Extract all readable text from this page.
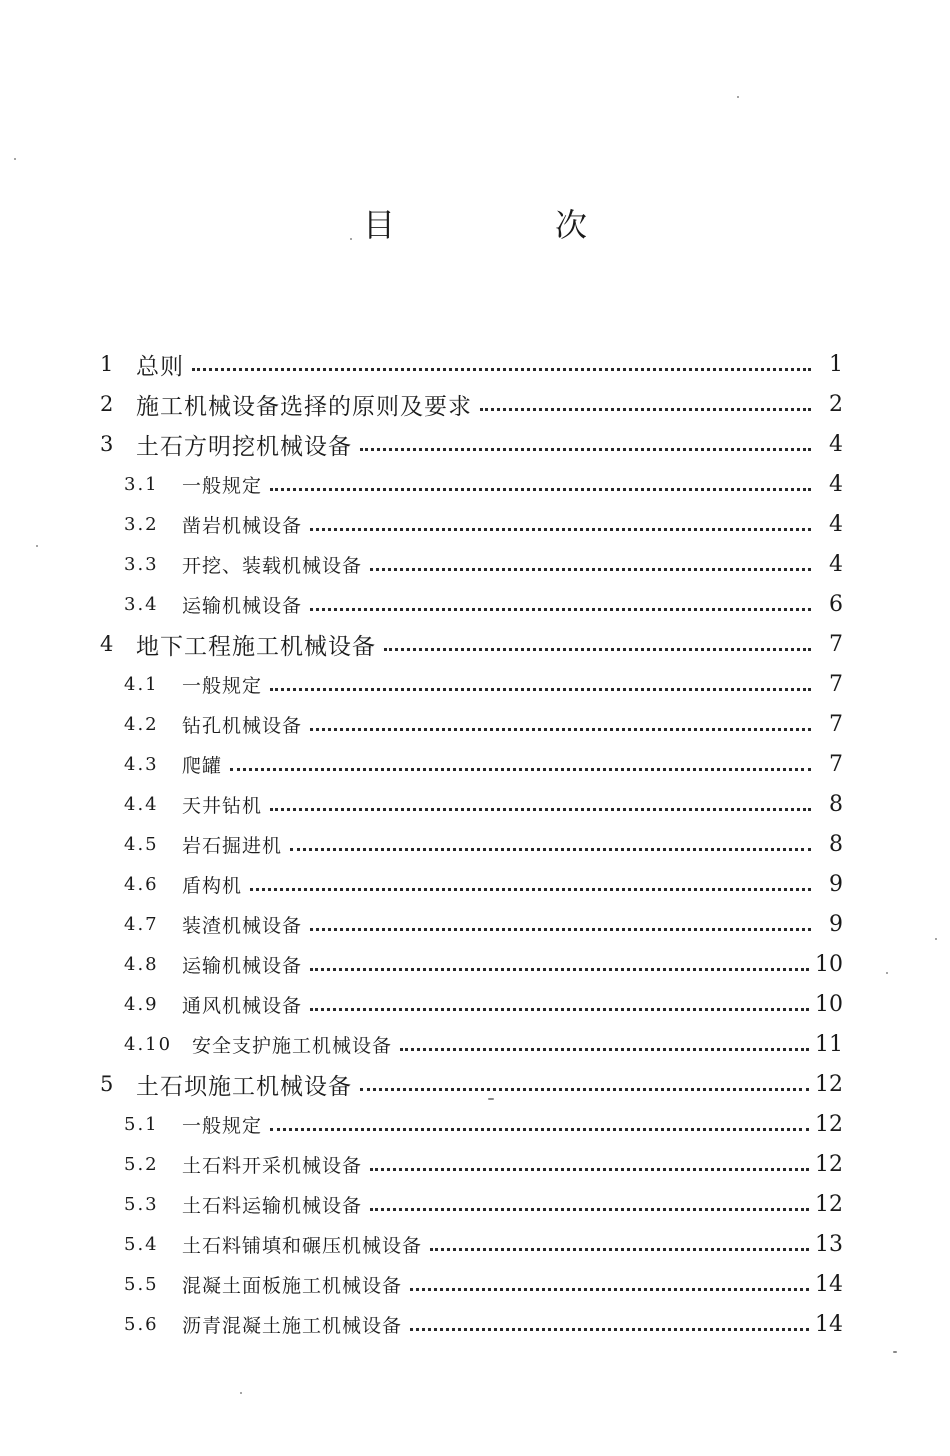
目　次
1 总则	1
2 施工机械设备选择的原则及要求	2
3 土石方明挖机械设备	4
3.1	一般规定	4
3.2	凿岩机械设备	4
3.3	开挖、装载机械设备	4
3.4	运输机械设备	6
4 地下工程施工机械设备	7
4.1	一般规定	7
4.2	钻孔机械设备	7
4.3	爬罐	7
4.4	天井钻机	8
4.5	岩石掘进机	8
4.6	盾构机	9
4.7	装渣机械设备	9
4.8	运输机械设备	10
4.9	通风机械设备	10
4.10	安全支护施工机械设备	11
5 土石坝施工机械设备	12
5.1	一般规定	12
5.2	土石料开采机械设备	12
5.3	土石料运输机械设备	12
5.4	土石料铺填和碾压机械设备	13
5.5	混凝土面板施工机械设备	14
5.6	沥青混凝土施工机械设备	14
